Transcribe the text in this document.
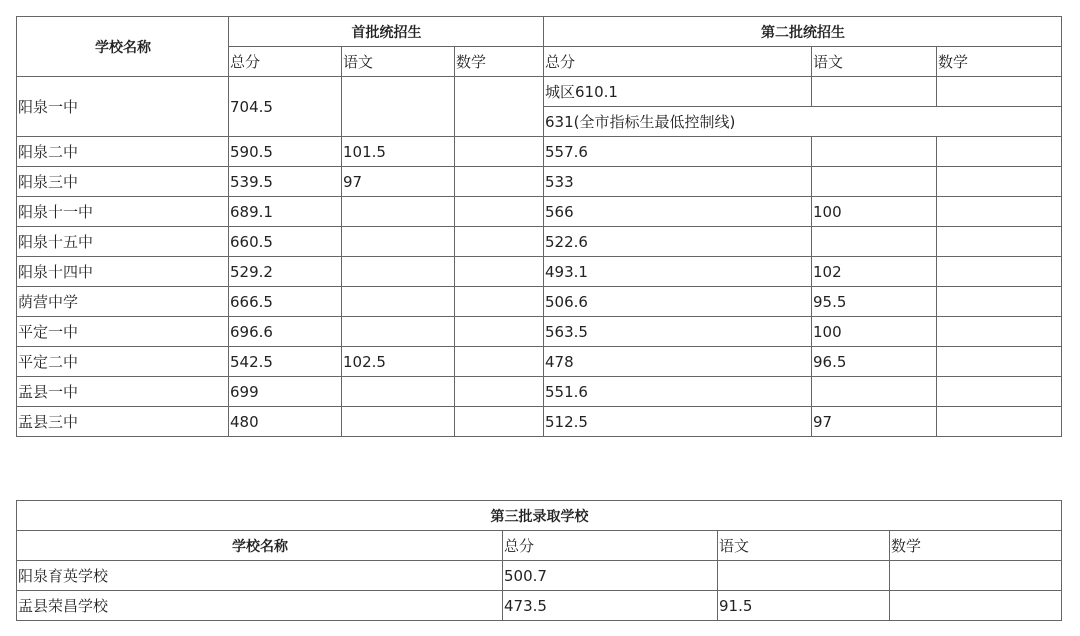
学校名称	首批统招生			第二批统招生		
	总分	语文	数学	总分	语文	数学
阳泉一中	704.5			城区610.1		
				631(全市指标生最低控制线)		
阳泉二中	590.5	101.5		557.6		
阳泉三中	539.5	97		533		
阳泉十一中	689.1			566	100	
阳泉十五中	660.5			522.6		
阳泉十四中	529.2			493.1	102	
荫营中学	666.5			506.6	95.5	
平定一中	696.6			563.5	100	
平定二中	542.5	102.5		478	96.5	
盂县一中	699			551.6		
盂县三中	480			512.5	97	
第三批录取学校			
学校名称	总分	语文	数学
阳泉育英学校	500.7		
盂县荣昌学校	473.5	91.5	
